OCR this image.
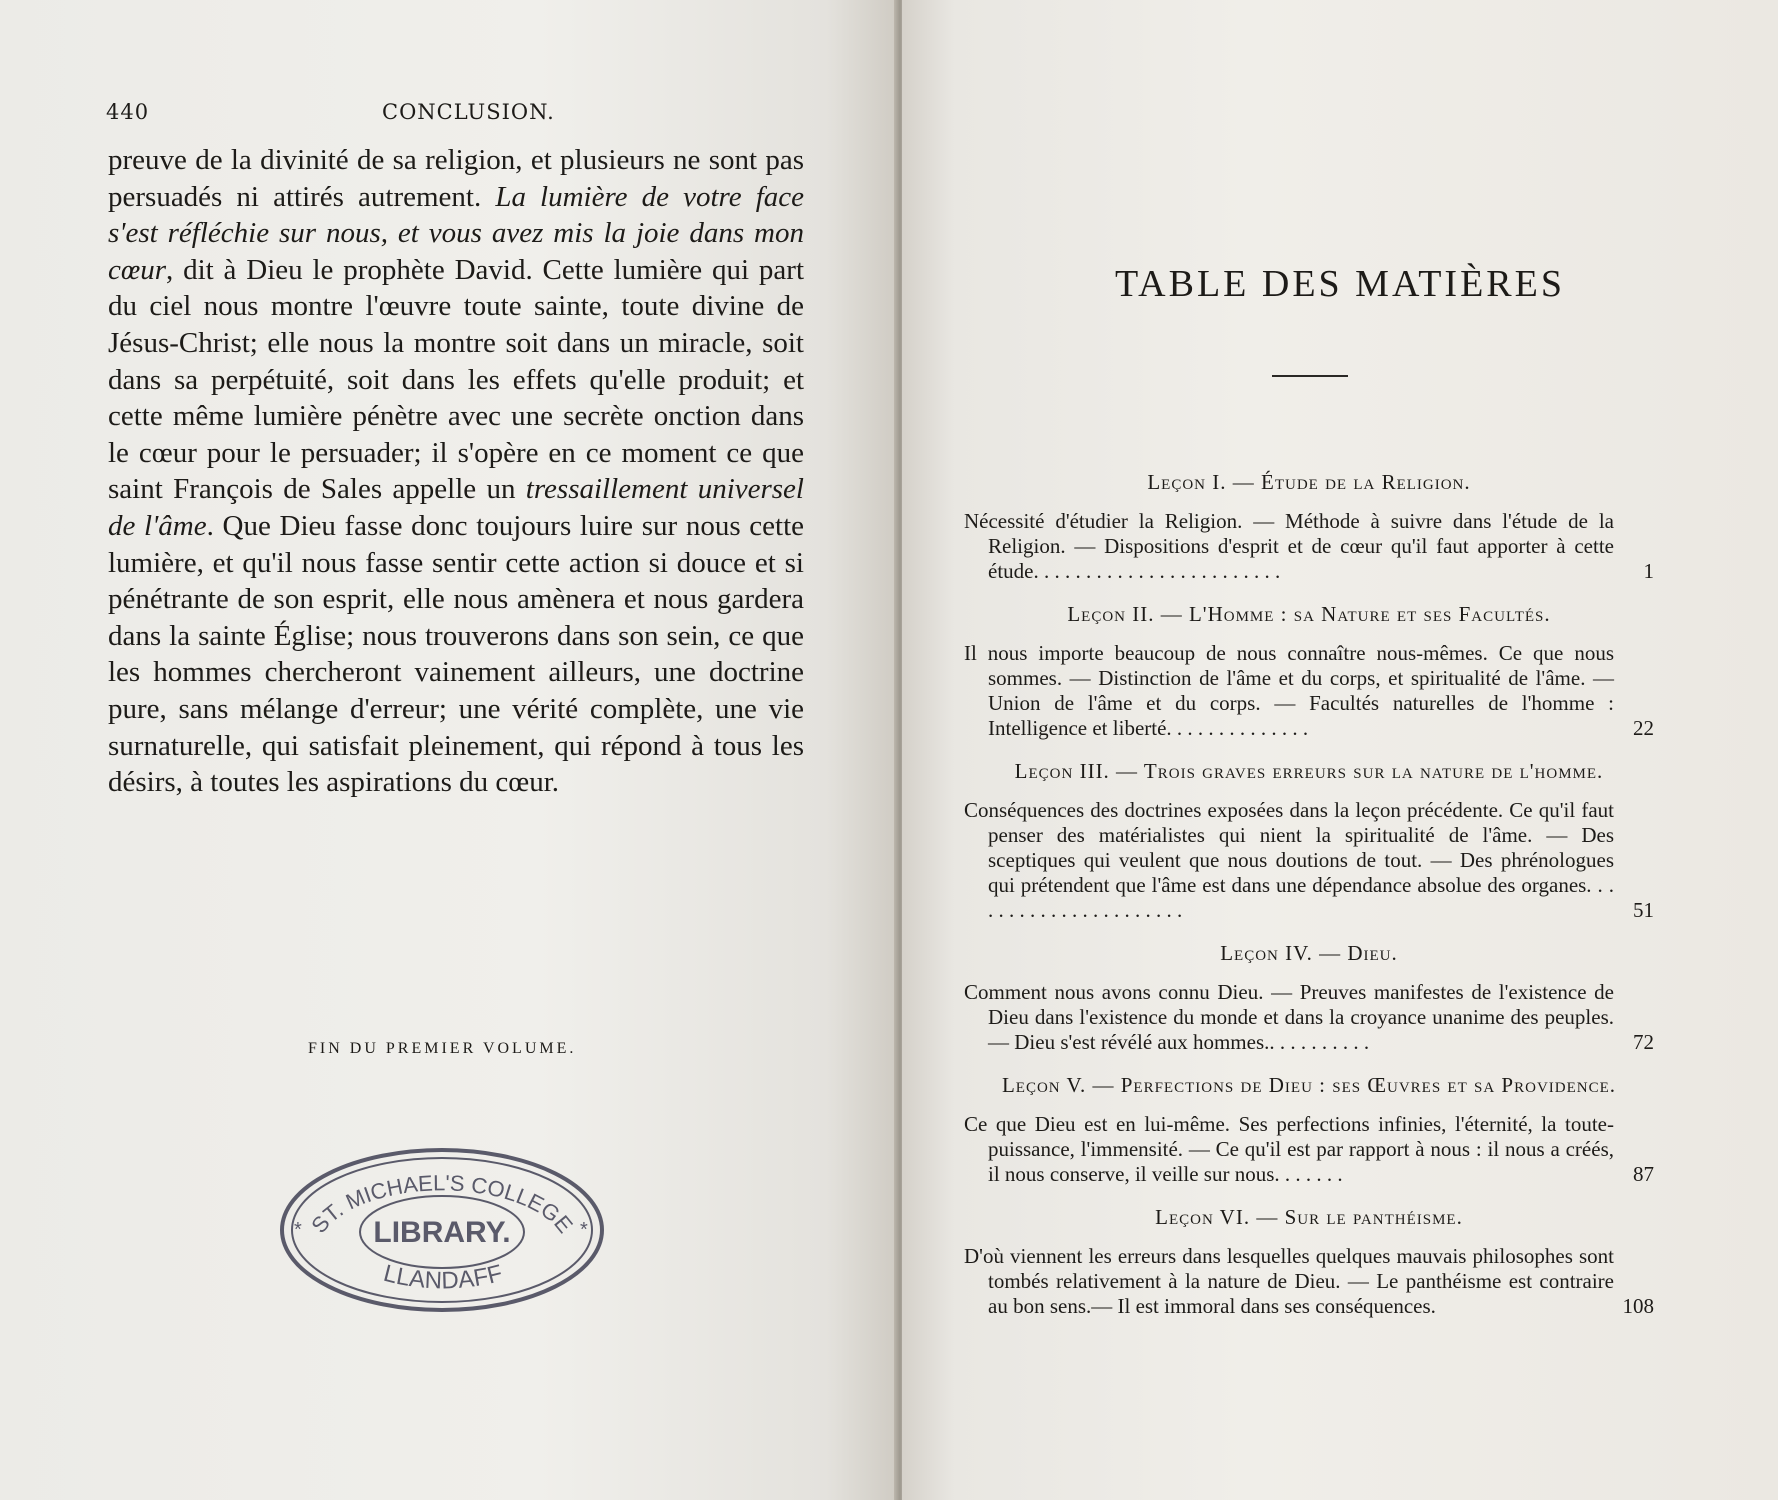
440	CONCLUSION.

preuve de la divinité de sa religion, et plusieurs ne sont pas persuadés ni attirés autrement. La lumière de votre face s'est réfléchie sur nous, et vous avez mis la joie dans mon cœur, dit à Dieu le prophète David. Cette lumière qui part du ciel nous montre l'œuvre toute sainte, toute divine de Jésus-Christ; elle nous la montre soit dans un miracle, soit dans sa perpétuité, soit dans les effets qu'elle produit; et cette même lumière pénètre avec une secrète onction dans le cœur pour le persuader; il s'opère en ce moment ce que saint François de Sales appelle un tressaillement universel de l'âme. Que Dieu fasse donc toujours luire sur nous cette lumière, et qu'il nous fasse sentir cette action si douce et si pénétrante de son esprit, elle nous amènera et nous gardera dans la sainte Église; nous trouverons dans son sein, ce que les hommes chercheront vainement ailleurs, une doctrine pure, sans mélange d'erreur; une vérité complète, une vie surnaturelle, qui satisfait pleinement, qui répond à tous les désirs, à toutes les aspirations du cœur.

FIN DU PREMIER VOLUME.
ST. MICHAEL'S COLLEGE
LIBRARY.
LLANDAFF
*	*
TABLE DES MATIÈRES
Leçon I. — Étude de la Religion.
Nécessité d'étudier la Religion. — Méthode à suivre dans l'étude de la Religion. — Dispositions d'esprit et de cœur qu'il faut apporter à cette étude. . . . . . . . . . . . . . . . . . . . . . . .	1
Leçon II. — L'Homme : sa Nature et ses Facultés.
Il nous importe beaucoup de nous connaître nous-mêmes. Ce que nous sommes. — Distinction de l'âme et du corps, et spiritualité de l'âme. — Union de l'âme et du corps. — Facultés naturelles de l'homme : Intelligence et liberté. . . . . . . . . . . . . .	22
Leçon III. — Trois graves erreurs sur la nature de l'homme.
Conséquences des doctrines exposées dans la leçon précédente. Ce qu'il faut penser des matérialistes qui nient la spiritualité de l'âme. — Des sceptiques qui veulent que nous doutions de tout. — Des phrénologues qui prétendent que l'âme est dans une dépendance absolue des organes. . . . . . . . . . . . . . . . . . . . . .	51
Leçon IV. — Dieu.
Comment nous avons connu Dieu. — Preuves manifestes de l'existence de Dieu dans l'existence du monde et dans la croyance unanime des peuples. — Dieu s'est révélé aux hommes.. . . . . . . . . .	72
Leçon V. — Perfections de Dieu : ses Œuvres et sa Providence.
Ce que Dieu est en lui-même. Ses perfections infinies, l'éternité, la toute-puissance, l'immensité. — Ce qu'il est par rapport à nous : il nous a créés, il nous conserve, il veille sur nous. . . . . . .	87
Leçon VI. — Sur le panthéisme.
D'où viennent les erreurs dans lesquelles quelques mauvais philosophes sont tombés relativement à la nature de Dieu. — Le panthéisme est contraire au bon sens.— Il est immoral dans ses conséquences.	108
